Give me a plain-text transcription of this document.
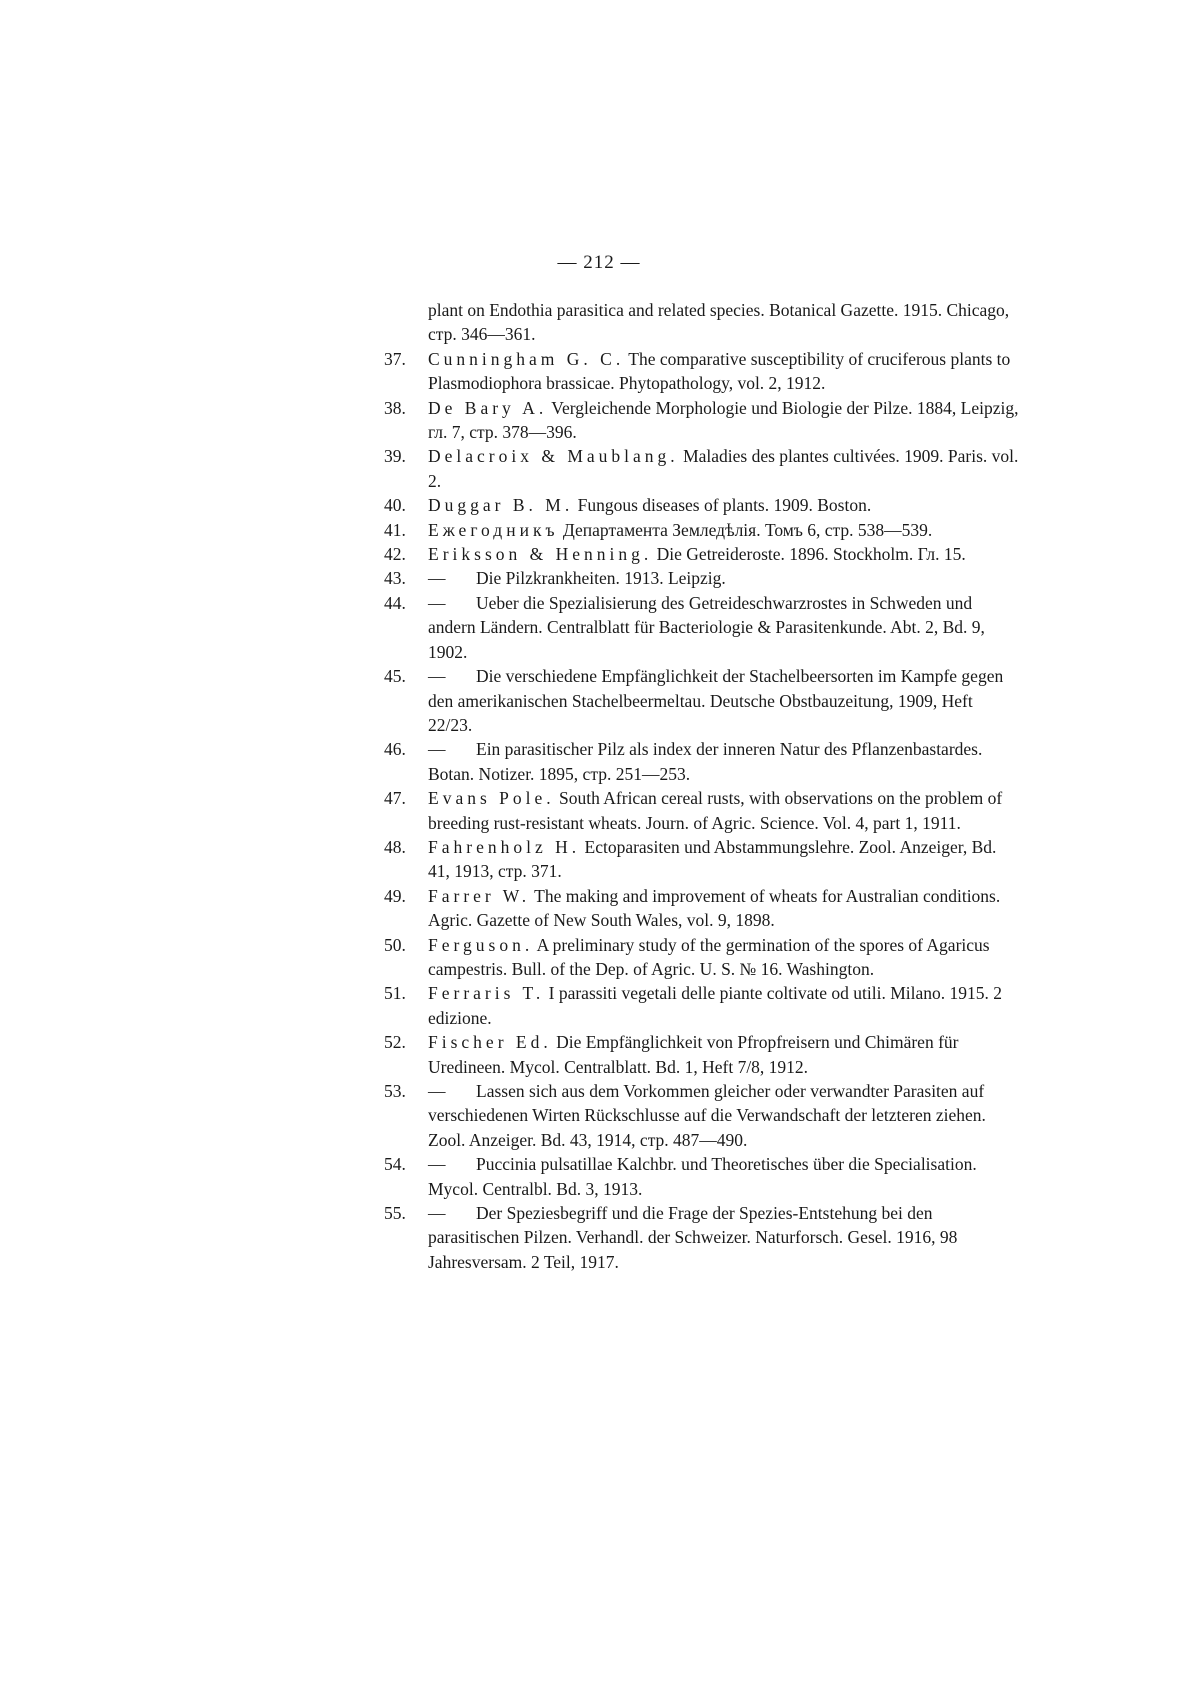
— 212 —

plant on Endothia parasitica and related species. Botanical Gazette. 1915. Chicago, стр. 346—361.

37. Cunningham G. C. The comparative susceptibility of cruciferous plants to Plasmodiophora brassicae. Phytopathology, vol. 2, 1912.

38. De Bary A. Vergleichende Morphologie und Biologie der Pilze. 1884, Leipzig, гл. 7, стр. 378—396.

39. Delacroix & Maublang. Maladies des plantes cultivées. 1909. Paris. vol. 2.

40. Duggar B. M. Fungous diseases of plants. 1909. Boston.

41. Ежегодникъ Департамента Земледѣлія. Томъ 6, стр. 538—539.

42. Eriksson & Henning. Die Getreideroste. 1896. Stockholm. Гл. 15.

43. — Die Pilzkrankheiten. 1913. Leipzig.

44. — Ueber die Spezialisierung des Getreideschwarzrostes in Schweden und andern Ländern. Centralblatt für Bacteriologie & Parasitenkunde. Abt. 2, Bd. 9, 1902.

45. — Die verschiedene Empfänglichkeit der Stachelbeersorten im Kampfe gegen den amerikanischen Stachelbeermeltau. Deutsche Obstbauzeitung, 1909, Heft 22/23.

46. — Ein parasitischer Pilz als index der inneren Natur des Pflanzenbastardes. Botan. Notizer. 1895, стр. 251—253.

47. Evans Pole. South African cereal rusts, with observations on the problem of breeding rust-resistant wheats. Journ. of Agric. Science. Vol. 4, part 1, 1911.

48. Fahrenholz H. Ectoparasiten und Abstammungslehre. Zool. Anzeiger, Bd. 41, 1913, стр. 371.

49. Farrer W. The making and improvement of wheats for Australian conditions. Agric. Gazette of New South Wales, vol. 9, 1898.

50. Ferguson. A preliminary study of the germination of the spores of Agaricus campestris. Bull. of the Dep. of Agric. U. S. № 16. Washington.

51. Ferraris T. I parassiti vegetali delle piante coltivate od utili. Milano. 1915. 2 edizione.

52. Fischer Ed. Die Empfänglichkeit von Pfropfreisern und Chimären für Uredineen. Mycol. Centralblatt. Bd. 1, Heft 7/8, 1912.

53. — Lassen sich aus dem Vorkommen gleicher oder verwandter Parasiten auf verschiedenen Wirten Rückschlusse auf die Verwandschaft der letzteren ziehen. Zool. Anzeiger. Bd. 43, 1914, стр. 487—490.

54. — Puccinia pulsatillae Kalchbr. und Theoretisches über die Specialisation. Mycol. Centralbl. Bd. 3, 1913.

55. — Der Speziesbegriff und die Frage der Spezies-Entstehung bei den parasitischen Pilzen. Verhandl. der Schweizer. Naturforsch. Gesel. 1916, 98 Jahresversam. 2 Teil, 1917.
